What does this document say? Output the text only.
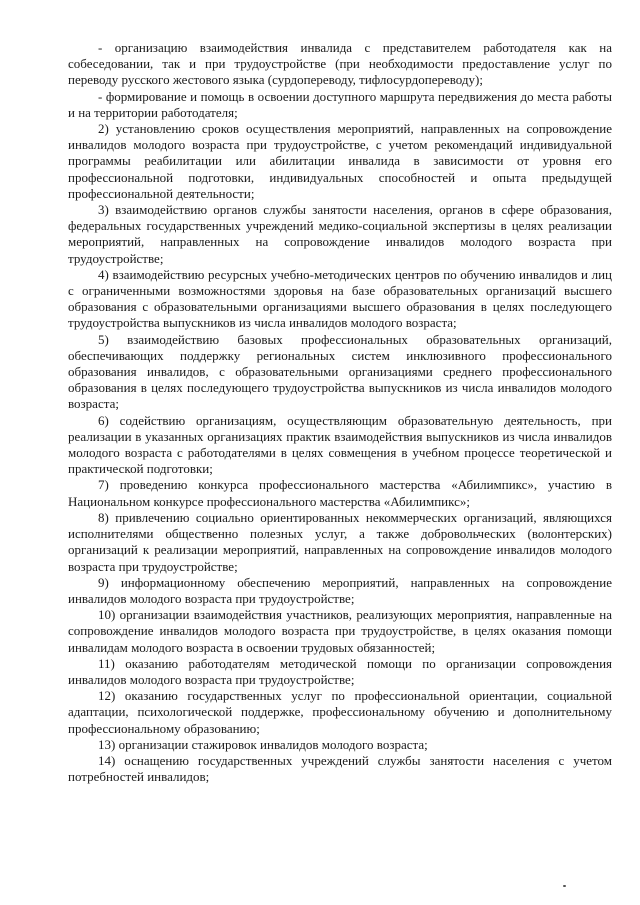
- организацию взаимодействия инвалида с представителем работодателя как на собеседовании, так и при трудоустройстве (при необходимости предоставление услуг по переводу русского жестового языка (сурдопереводу, тифлосурдопереводу);

- формирование и помощь в освоении доступного маршрута передвижения до места работы и на территории работодателя;

2) установлению сроков осуществления мероприятий, направленных на сопровождение инвалидов молодого возраста при трудоустройстве, с учетом рекомендаций индивидуальной программы реабилитации или абилитации инвалида в зависимости от уровня его профессиональной подготовки, индивидуальных способностей и опыта предыдущей профессиональной деятельности;

3) взаимодействию органов службы занятости населения, органов в сфере образования, федеральных государственных учреждений медико-социальной экспертизы в целях реализации мероприятий, направленных на сопровождение инвалидов молодого возраста при трудоустройстве;

4) взаимодействию ресурсных учебно-методических центров по обучению инвалидов и лиц с ограниченными возможностями здоровья на базе образовательных организаций высшего образования с образовательными организациями высшего образования в целях последующего трудоустройства выпускников из числа инвалидов молодого возраста;

5) взаимодействию базовых профессиональных образовательных организаций, обеспечивающих поддержку региональных систем инклюзивного профессионального образования инвалидов, с образовательными организациями среднего профессионального образования в целях последующего трудоустройства выпускников из числа инвалидов молодого возраста;

6) содействию организациям, осуществляющим образовательную деятельность, при реализации в указанных организациях практик взаимодействия выпускников из числа инвалидов молодого возраста с работодателями в целях совмещения в учебном процессе теоретической и практической подготовки;

7) проведению конкурса профессионального мастерства «Абилимпикс», участию в Национальном конкурсе профессионального мастерства «Абилимпикс»;

8) привлечению социально ориентированных некоммерческих организаций, являющихся исполнителями общественно полезных услуг, а также добровольческих (волонтерских) организаций к реализации мероприятий, направленных на сопровождение инвалидов молодого возраста при трудоустройстве;

9) информационному обеспечению мероприятий, направленных на сопровождение инвалидов молодого возраста при трудоустройстве;

10) организации взаимодействия участников, реализующих мероприятия, направленные на сопровождение инвалидов молодого возраста при трудоустройстве, в целях оказания помощи инвалидам молодого возраста в освоении трудовых обязанностей;

11) оказанию работодателям методической помощи по организации сопровождения инвалидов молодого возраста при трудоустройстве;

12) оказанию государственных услуг по профессиональной ориентации, социальной адаптации, психологической поддержке, профессиональному обучению и дополнительному профессиональному образованию;

13) организации стажировок инвалидов молодого возраста;

14) оснащению государственных учреждений службы занятости населения с учетом потребностей инвалидов;
